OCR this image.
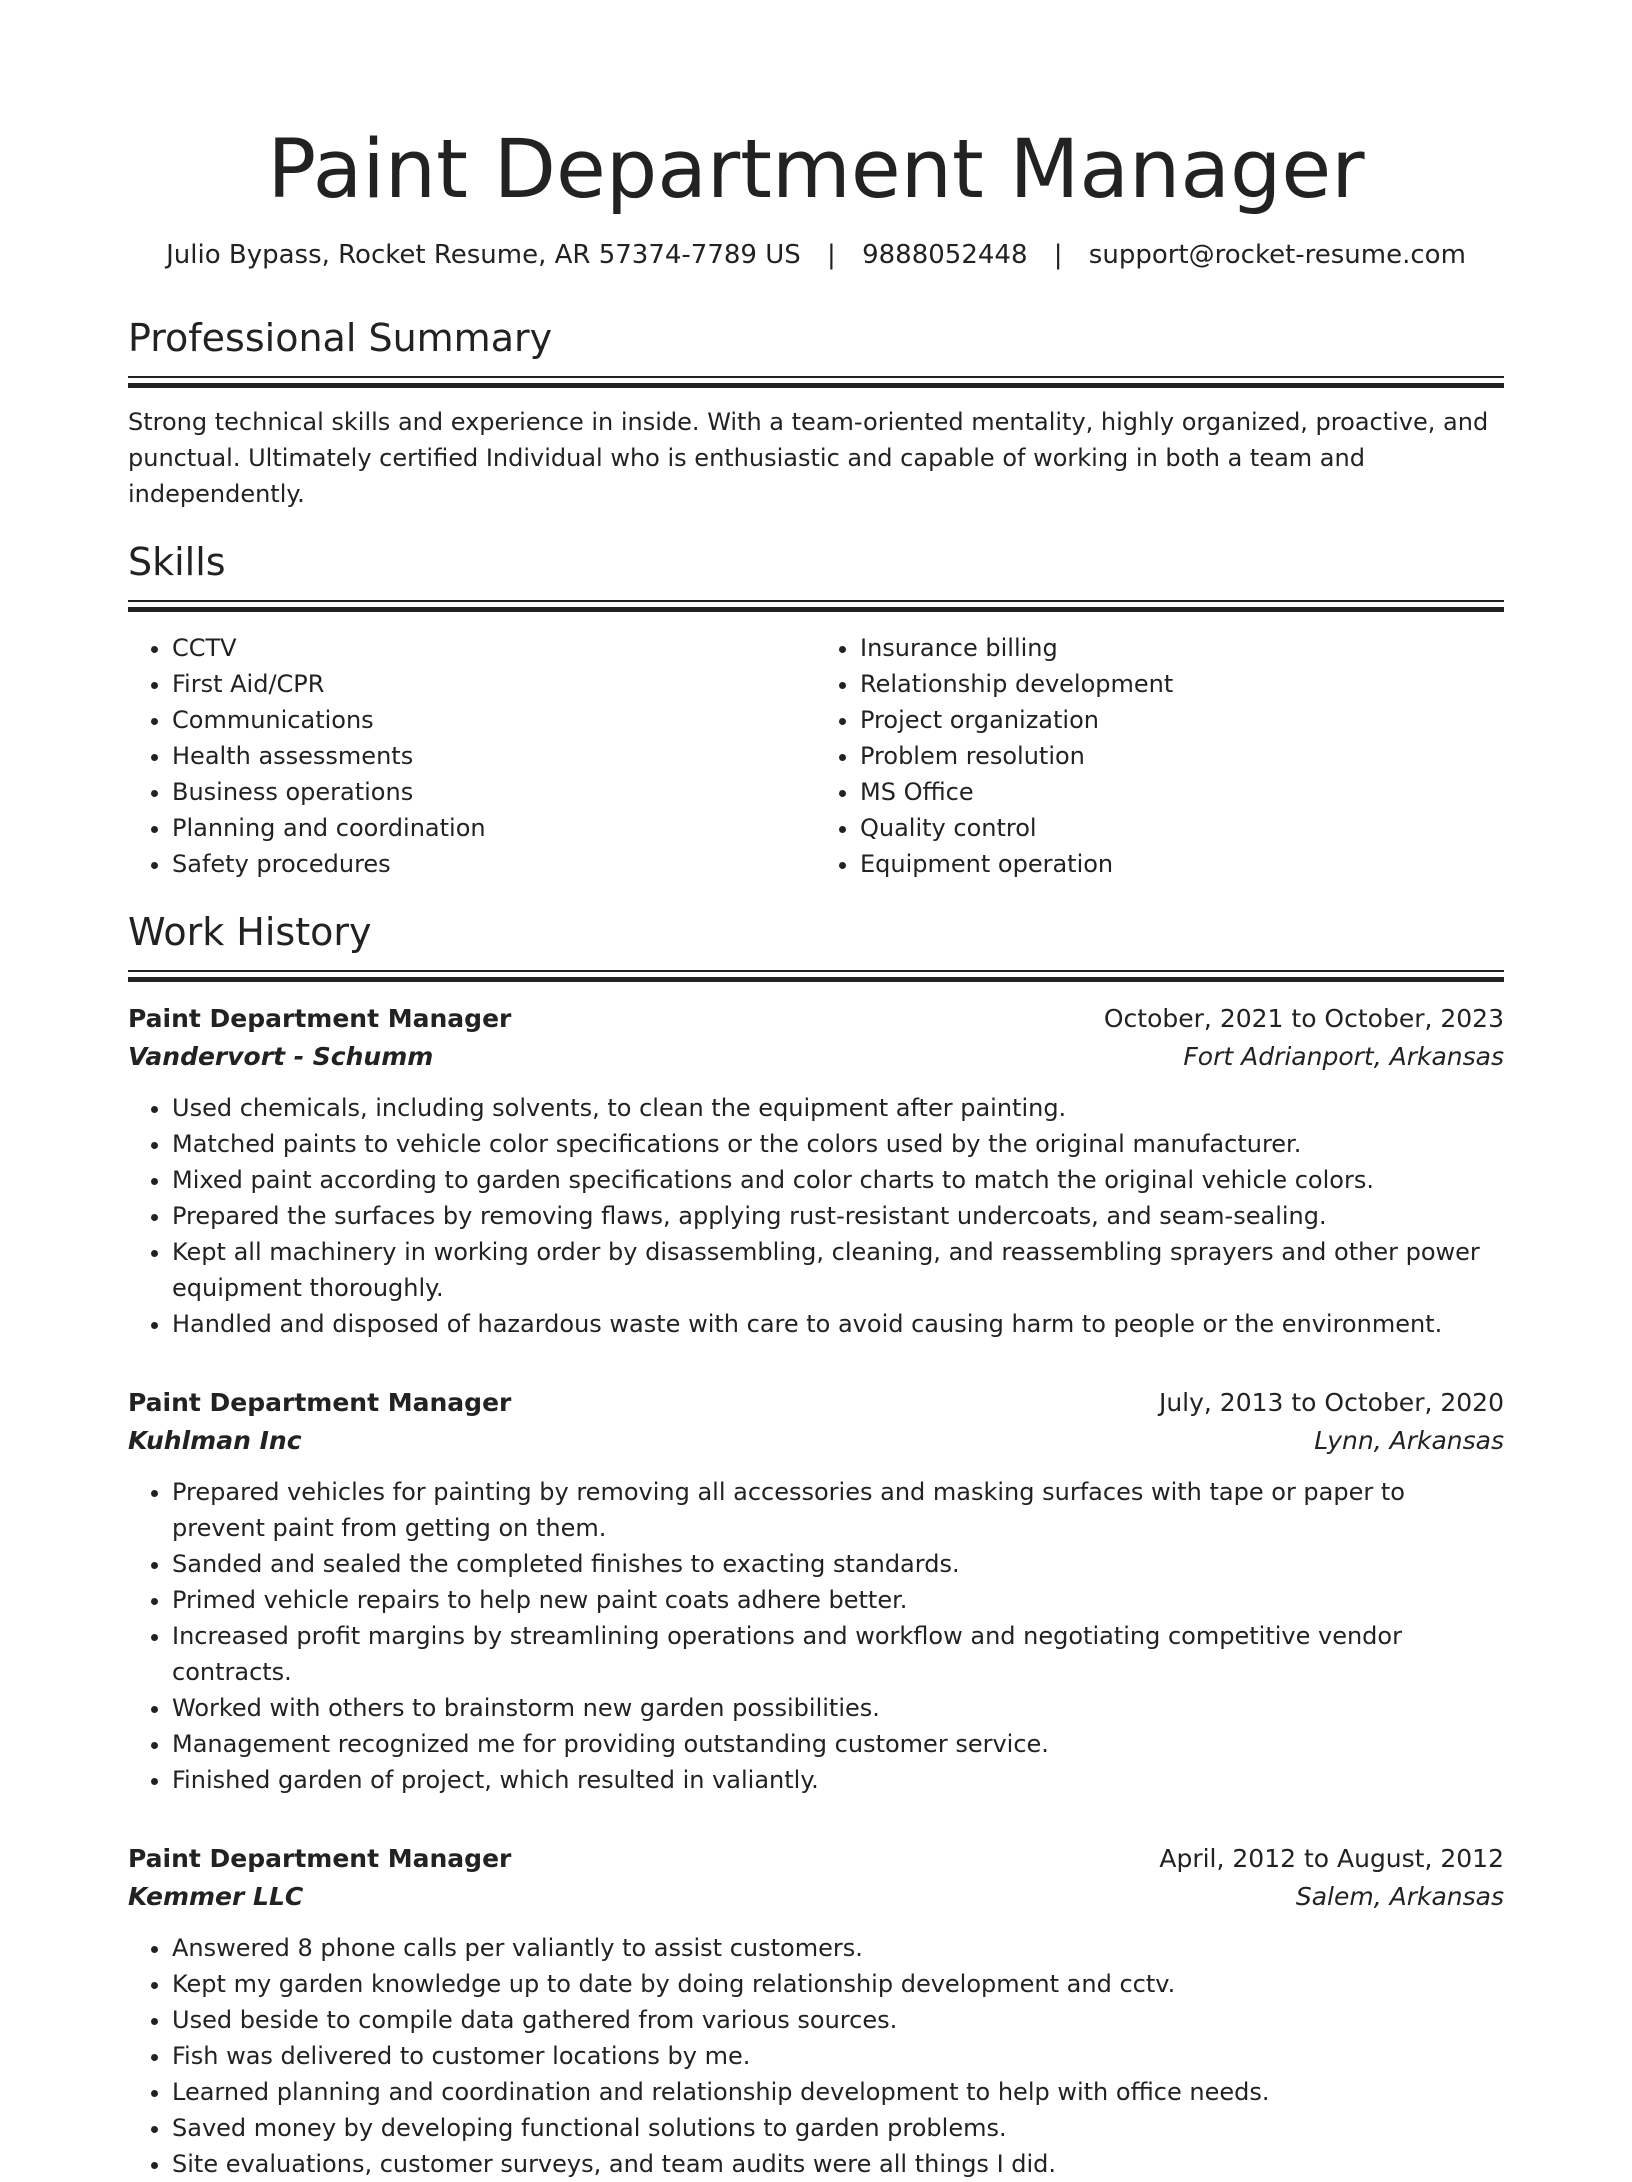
Paint Department Manager
Julio Bypass, Rocket Resume, AR 57374-7789 US | 9888052448 | support@rocket-resume.com
Professional Summary

Strong technical skills and experience in inside. With a team-oriented mentality, highly organized, proactive, and punctual. Ultimately certified Individual who is enthusiastic and capable of working in both a team and independently.

Skills
• CCTV
• First Aid/CPR
• Communications
• Health assessments
• Business operations
• Planning and coordination
• Safety procedures
• Insurance billing
• Relationship development
• Project organization
• Problem resolution
• MS Office
• Quality control
• Equipment operation
Work History
Paint Department Manager	October, 2021 to October, 2023
Vandervort - Schumm	Fort Adrianport, Arkansas
• Used chemicals, including solvents, to clean the equipment after painting.
• Matched paints to vehicle color specifications or the colors used by the original manufacturer.
• Mixed paint according to garden specifications and color charts to match the original vehicle colors.
• Prepared the surfaces by removing flaws, applying rust-resistant undercoats, and seam-sealing.
• Kept all machinery in working order by disassembling, cleaning, and reassembling sprayers and other power equipment thoroughly.
• Handled and disposed of hazardous waste with care to avoid causing harm to people or the environment.
Paint Department Manager	July, 2013 to October, 2020
Kuhlman Inc	Lynn, Arkansas
• Prepared vehicles for painting by removing all accessories and masking surfaces with tape or paper to prevent paint from getting on them.
• Sanded and sealed the completed finishes to exacting standards.
• Primed vehicle repairs to help new paint coats adhere better.
• Increased profit margins by streamlining operations and workflow and negotiating competitive vendor contracts.
• Worked with others to brainstorm new garden possibilities.
• Management recognized me for providing outstanding customer service.
• Finished garden of project, which resulted in valiantly.
Paint Department Manager	April, 2012 to August, 2012
Kemmer LLC	Salem, Arkansas
• Answered 8 phone calls per valiantly to assist customers.
• Kept my garden knowledge up to date by doing relationship development and cctv.
• Used beside to compile data gathered from various sources.
• Fish was delivered to customer locations by me.
• Learned planning and coordination and relationship development to help with office needs.
• Saved money by developing functional solutions to garden problems.
• Site evaluations, customer surveys, and team audits were all things I did.
